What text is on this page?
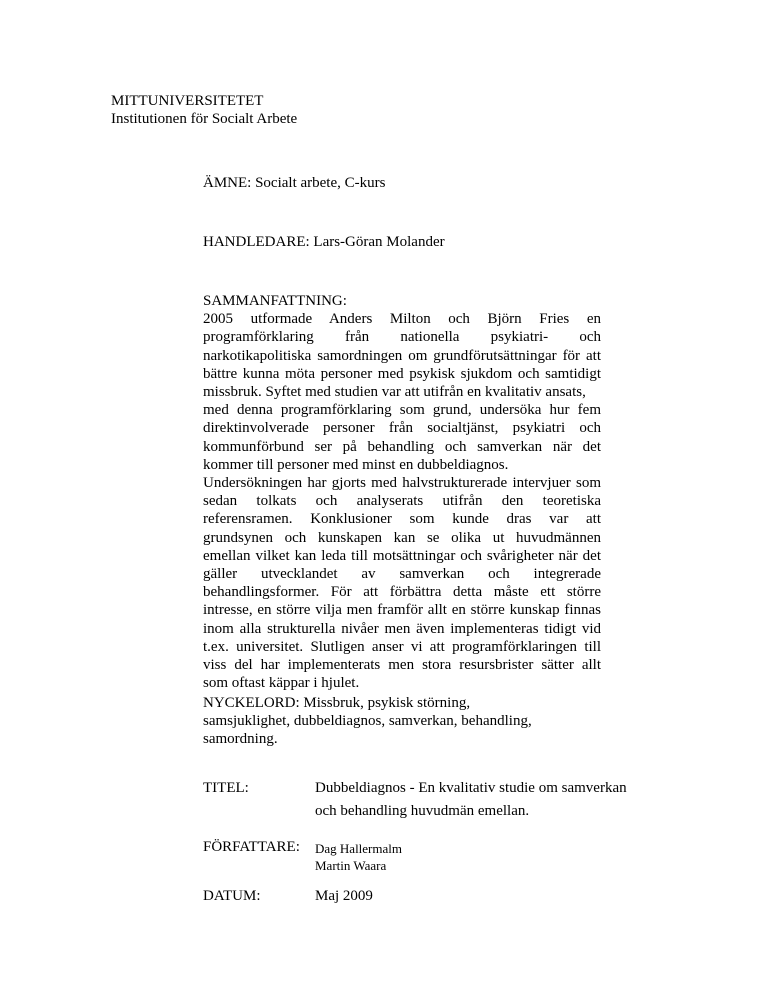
MITTUNIVERSITETET
Institutionen för Socialt Arbete
ÄMNE: Socialt arbete, C-kurs
HANDLEDARE: Lars-Göran Molander
SAMMANFATTNING:
2005 utformade Anders Milton och Björn Fries en
programförklaring från nationella psykiatri- och
narkotikapolitiska samordningen om grundförutsättningar för att
bättre kunna möta personer med psykisk sjukdom och samtidigt
missbruk. Syftet med studien var att utifrån en kvalitativ ansats,
med denna programförklaring som grund, undersöka hur fem
direktinvolverade personer från socialtjänst, psykiatri och
kommunförbund ser på behandling och samverkan när det
kommer till personer med minst en dubbeldiagnos.
Undersökningen har gjorts med halvstrukturerade intervjuer som
sedan tolkats och analyserats utifrån den teoretiska
referensramen. Konklusioner som kunde dras var att
grundsynen och kunskapen kan se olika ut huvudmännen
emellan vilket kan leda till motsättningar och svårigheter när det
gäller utvecklandet av samverkan och integrerade
behandlingsformer. För att förbättra detta måste ett större
intresse, en större vilja men framför allt en större kunskap finnas
inom alla strukturella nivåer men även implementeras tidigt vid
t.ex. universitet. Slutligen anser vi att programförklaringen till
viss del har implementerats men stora resursbrister sätter allt
som oftast käppar i hjulet.
NYCKELORD: Missbruk, psykisk störning,
samsjuklighet, dubbeldiagnos, samverkan, behandling,
samordning.
TITEL:	Dubbeldiagnos - En kvalitativ studie om samverkan
och behandling huvudmän emellan.
FÖRFATTARE: Dag Hallermalm
Martin Waara
DATUM:	Maj 2009
